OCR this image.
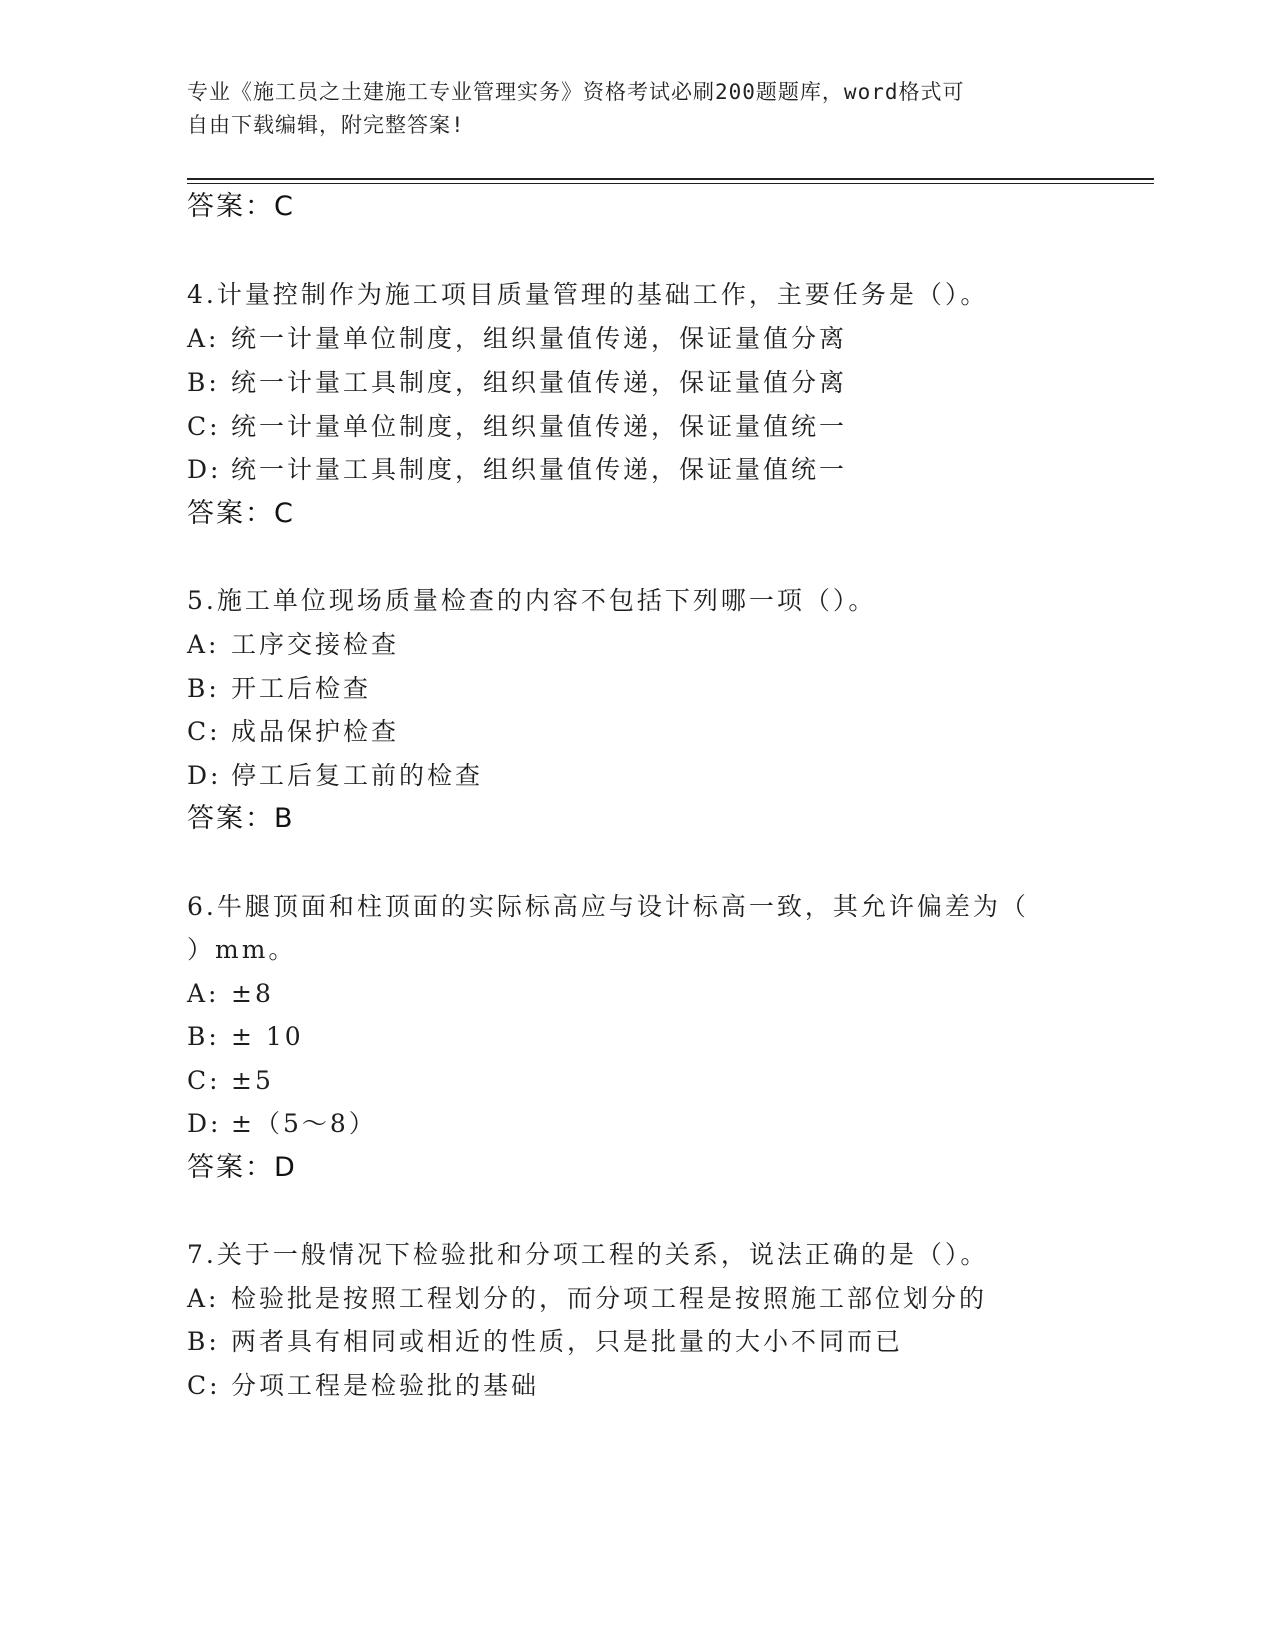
专业《施工员之土建施工专业管理实务》资格考试必刷200题题库，word格式可
自由下载编辑，附完整答案!
答案：C
4.计量控制作为施工项目质量管理的基础工作，主要任务是（）。
A: 统一计量单位制度，组织量值传递，保证量值分离
B: 统一计量工具制度，组织量值传递，保证量值分离
C: 统一计量单位制度，组织量值传递，保证量值统一
D: 统一计量工具制度，组织量值传递，保证量值统一
答案：C
5.施工单位现场质量检查的内容不包括下列哪一项（）。
A: 工序交接检查
B: 开工后检查
C: 成品保护检查
D: 停工后复工前的检查
答案：B
6.牛腿顶面和柱顶面的实际标高应与设计标高一致，其允许偏差为（
）mm。
A: ±8
B: ± 10
C: ±5
D: ±（5～8）
答案：D
7.关于一般情况下检验批和分项工程的关系，说法正确的是（）。
A: 检验批是按照工程划分的，而分项工程是按照施工部位划分的
B: 两者具有相同或相近的性质，只是批量的大小不同而已
C: 分项工程是检验批的基础
